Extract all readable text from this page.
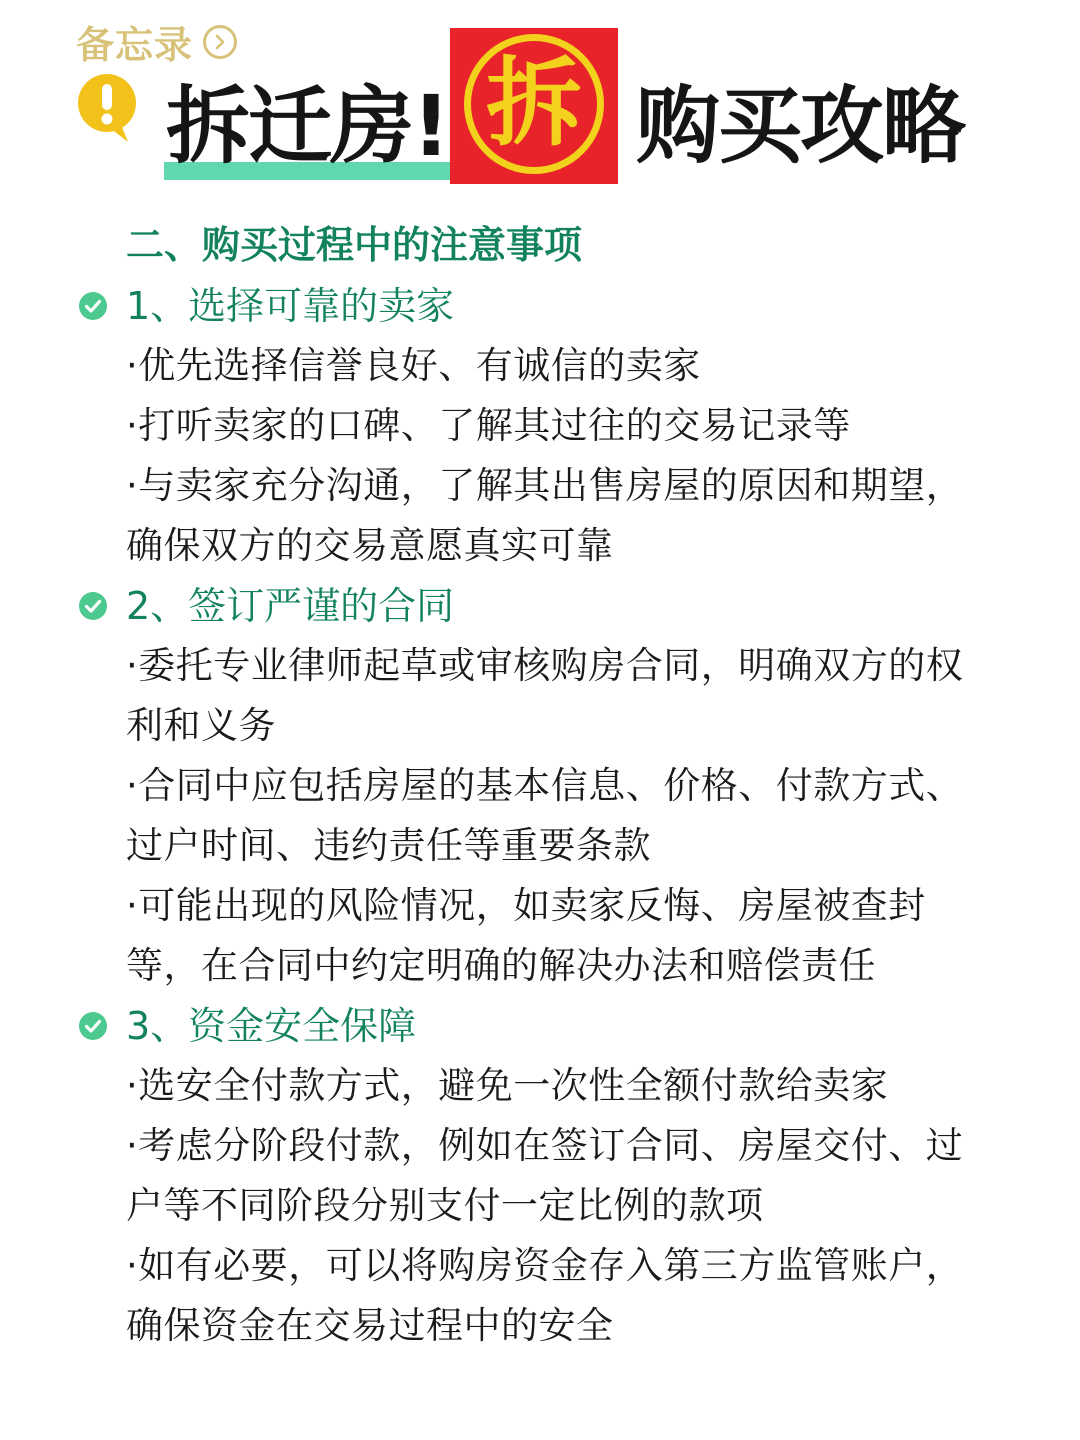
备忘录
拆迁房! 拆 购买攻略
二、购买过程中的注意事项
1、选择可靠的卖家
·优先选择信誉良好、有诚信的卖家
·打听卖家的口碑、了解其过往的交易记录等
·与卖家充分沟通，了解其出售房屋的原因和期望，确保双方的交易意愿真实可靠
2、签订严谨的合同
·委托专业律师起草或审核购房合同，明确双方的权利和义务
·合同中应包括房屋的基本信息、价格、付款方式、过户时间、违约责任等重要条款
·可能出现的风险情况，如卖家反悔、房屋被查封等，在合同中约定明确的解决办法和赔偿责任
3、资金安全保障
·选安全付款方式，避免一次性全额付款给卖家
·考虑分阶段付款，例如在签订合同、房屋交付、过户等不同阶段分别支付一定比例的款项
·如有必要，可以将购房资金存入第三方监管账户，确保资金在交易过程中的安全
